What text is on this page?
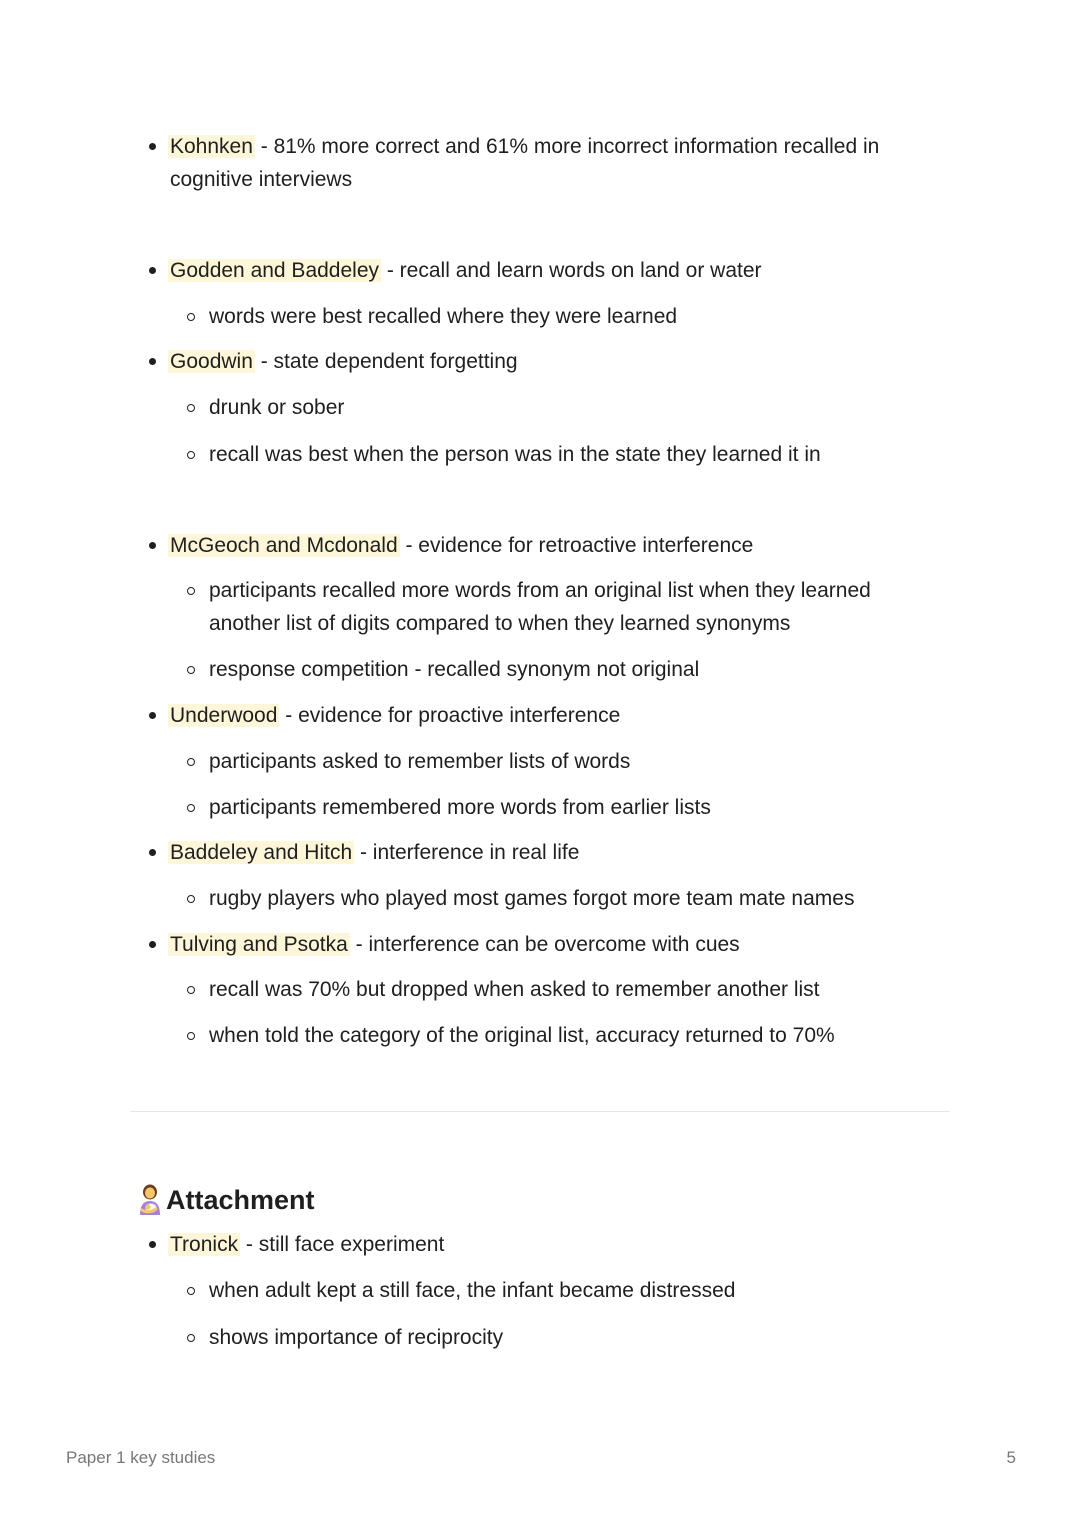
Kohnken - 81% more correct and 61% more incorrect information recalled in cognitive interviews
Godden and Baddeley - recall and learn words on land or water
words were best recalled where they were learned
Goodwin - state dependent forgetting
drunk or sober
recall was best when the person was in the state they learned it in
McGeoch and Mcdonald - evidence for retroactive interference
participants recalled more words from an original list when they learned another list of digits compared to when they learned synonyms
response competition - recalled synonym not original
Underwood - evidence for proactive interference
participants asked to remember lists of words
participants remembered more words from earlier lists
Baddeley and Hitch - interference in real life
rugby players who played most games forgot more team mate names
Tulving and Psotka - interference can be overcome with cues
recall was 70% but dropped when asked to remember another list
when told the category of the original list, accuracy returned to 70%
Attachment
Tronick - still face experiment
when adult kept a still face, the infant became distressed
shows importance of reciprocity
Paper 1 key studies	5
